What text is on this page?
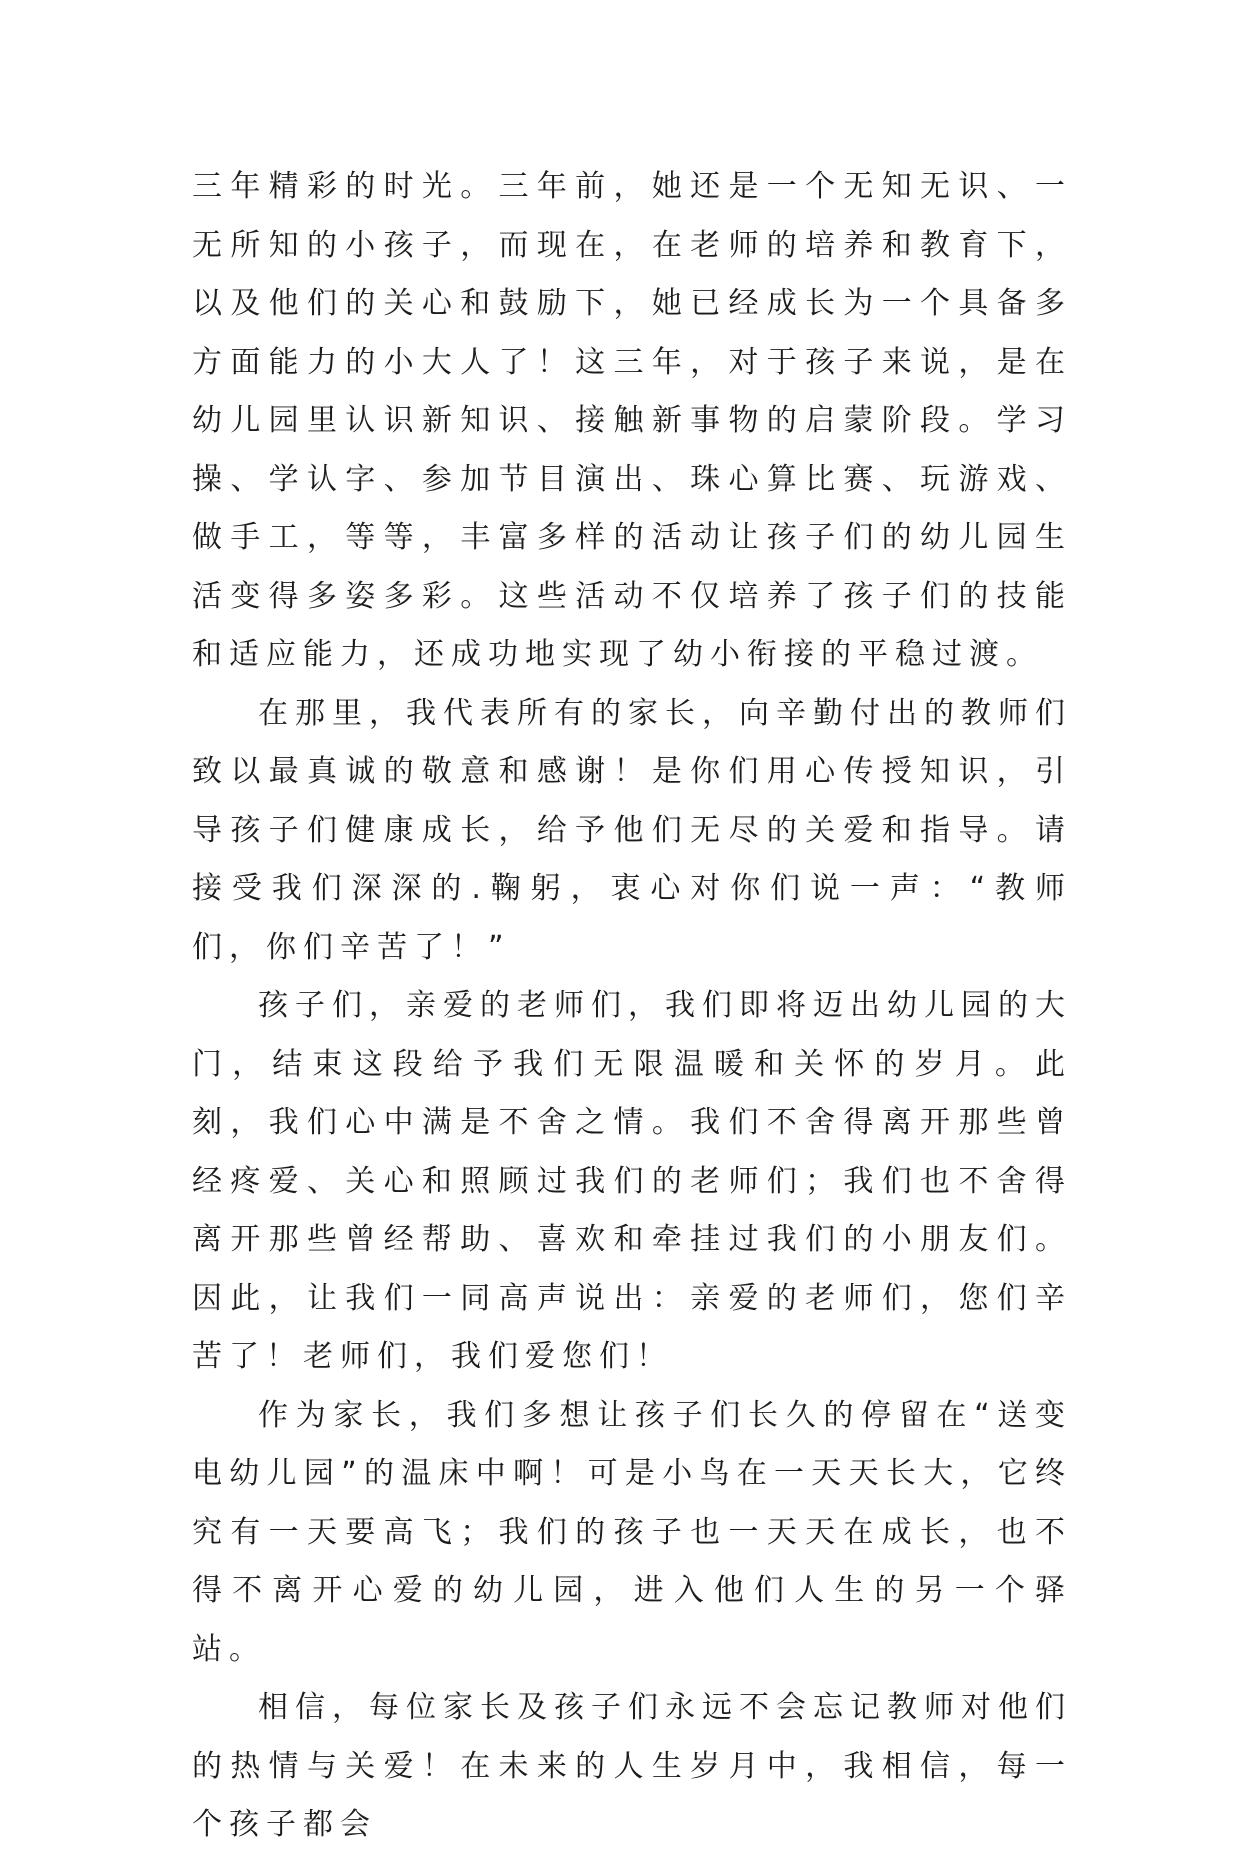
三年精彩的时光。三年前，她还是一个无知无识、一无所知的小孩子，而现在，在老师的培养和教育下，以及他们的关心和鼓励下，她已经成长为一个具备多方面能力的小大人了！这三年，对于孩子来说，是在幼儿园里认识新知识、接触新事物的启蒙阶段。学习操、学认字、参加节目演出、珠心算比赛、玩游戏、做手工，等等，丰富多样的活动让孩子们的幼儿园生活变得多姿多彩。这些活动不仅培养了孩子们的技能和适应能力，还成功地实现了幼小衔接的平稳过渡。

在那里，我代表所有的家长，向辛勤付出的教师们致以最真诚的敬意和感谢！是你们用心传授知识，引导孩子们健康成长，给予他们无尽的关爱和指导。请接受我们深深的.鞠躬，衷心对你们说一声：“教师们，你们辛苦了！”

孩子们，亲爱的老师们，我们即将迈出幼儿园的大门，结束这段给予我们无限温暖和关怀的岁月。此刻，我们心中满是不舍之情。我们不舍得离开那些曾经疼爱、关心和照顾过我们的老师们；我们也不舍得离开那些曾经帮助、喜欢和牵挂过我们的小朋友们。因此，让我们一同高声说出：亲爱的老师们，您们辛苦了！老师们，我们爱您们！

作为家长，我们多想让孩子们长久的停留在“送变电幼儿园”的温床中啊！可是小鸟在一天天长大，它终究有一天要高飞；我们的孩子也一天天在成长，也不得不离开心爱的幼儿园，进入他们人生的另一个驿站。

相信，每位家长及孩子们永远不会忘记教师对他们的热情与关爱！在未来的人生岁月中，我相信，每一个孩子都会
